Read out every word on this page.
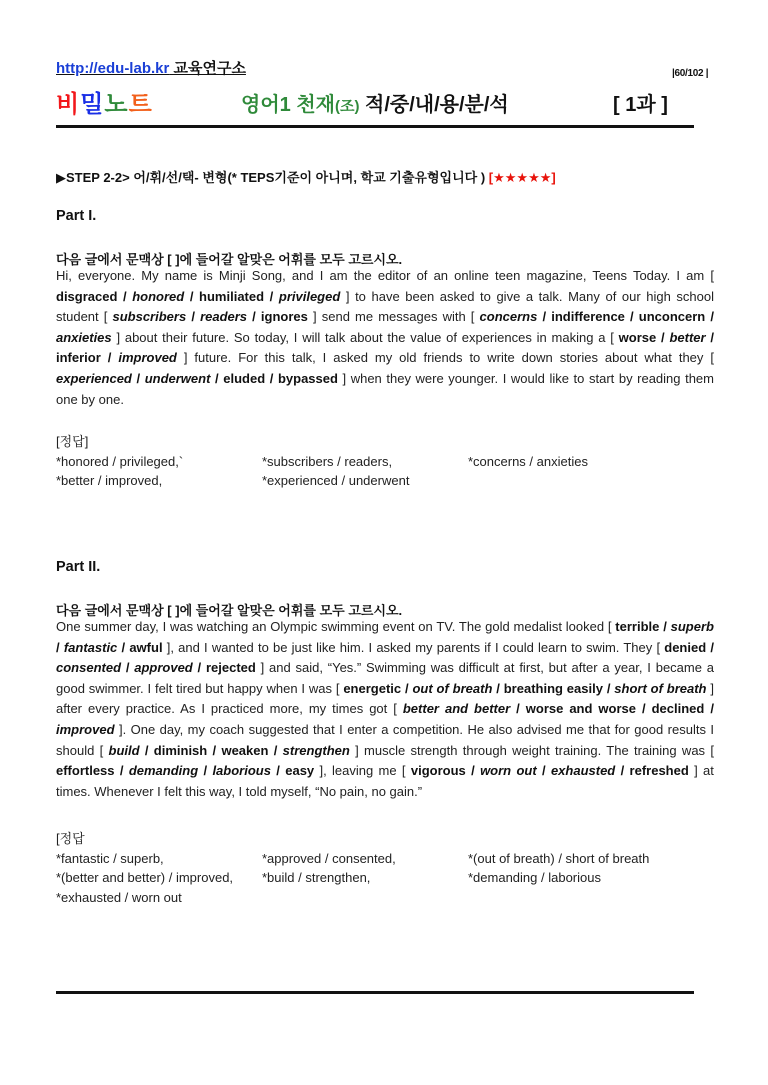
http://edu-lab.kr 교육연구소	|60/102 |
비밀노트	영어1 천재(조) 적/중/내/용/분/석	[ 1과 ]
▶STEP 2-2> 어/휘/선/택- 변형(* TEPS기준이 아니며, 학교 기출유형입니다 ) [★★★★★]
Part I.
다음 글에서 문맥상 [ ]에 들어갈 알맞은 어휘를 모두 고르시오.
Hi, everyone. My name is Minji Song, and I am the editor of an online teen magazine, Teens Today. I am [ disgraced / honored / humiliated / privileged ] to have been asked to give a talk. Many of our high school student [ subscribers / readers / ignores ] send me messages with [ concerns / indifference / unconcern / anxieties ] about their future. So today, I will talk about the value of experiences in making a [ worse / better / inferior / improved ] future. For this talk, I asked my old friends to write down stories about what they [ experienced / underwent / eluded / bypassed ] when they were younger. I would like to start by reading them one by one.
[정답]
*honored / privileged,`	*subscribers / readers,	*concerns / anxieties
*better / improved,	*experienced / underwent
Part II.
다음 글에서 문맥상 [ ]에 들어갈 알맞은 어휘를 모두 고르시오.
One summer day, I was watching an Olympic swimming event on TV. The gold medalist looked [ terrible / superb / fantastic / awful ], and I wanted to be just like him. I asked my parents if I could learn to swim. They [ denied / consented / approved / rejected ] and said, “Yes.” Swimming was difficult at first, but after a year, I became a good swimmer. I felt tired but happy when I was [ energetic / out of breath / breathing easily / short of breath ] after every practice. As I practiced more, my times got [ better and better / worse and worse / declined / improved ]. One day, my coach suggested that I enter a competition. He also advised me that for good results I should [ build / diminish / weaken / strengthen ] muscle strength through weight training. The training was [ effortless / demanding / laborious / easy ], leaving me [ vigorous / worn out / exhausted / refreshed ] at times. Whenever I felt this way, I told myself, “No pain, no gain.”
[정답
*fantastic / superb,	*approved / consented,	*(out of breath) / short of breath
*(better and better) / improved,	*build / strengthen,	*demanding / laborious
*exhausted / worn out
